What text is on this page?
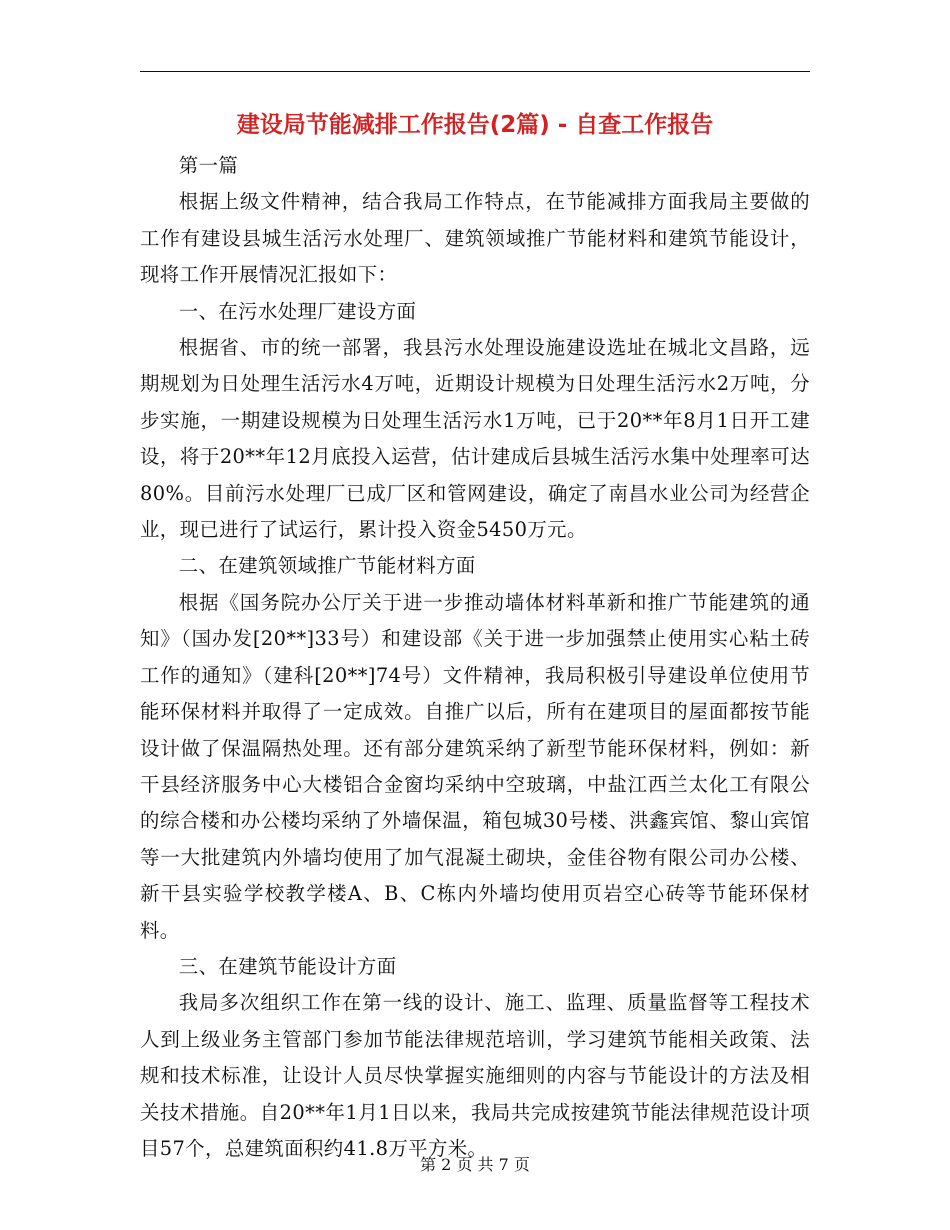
建设局节能减排工作报告(2篇) - 自查工作报告

第一篇

根据上级文件精神，结合我局工作特点，在节能减排方面我局主要做的工作有建设县城生活污水处理厂、建筑领域推广节能材料和建筑节能设计，现将工作开展情况汇报如下：

一、在污水处理厂建设方面

根据省、市的统一部署，我县污水处理设施建设选址在城北文昌路，远期规划为日处理生活污水4万吨，近期设计规模为日处理生活污水2万吨，分步实施，一期建设规模为日处理生活污水1万吨，已于20**年8月1日开工建设，将于20**年12月底投入运营，估计建成后县城生活污水集中处理率可达80%。目前污水处理厂已成厂区和管网建设，确定了南昌水业公司为经营企业，现已进行了试运行，累计投入资金5450万元。

二、在建筑领域推广节能材料方面

根据《国务院办公厅关于进一步推动墙体材料革新和推广节能建筑的通知》（国办发[20**]33号）和建设部《关于进一步加强禁止使用实心粘土砖工作的通知》（建科[20**]74号）文件精神，我局积极引导建设单位使用节能环保材料并取得了一定成效。自推广以后，所有在建项目的屋面都按节能设计做了保温隔热处理。还有部分建筑采纳了新型节能环保材料，例如：新干县经济服务中心大楼铝合金窗均采纳中空玻璃，中盐江西兰太化工有限公的综合楼和办公楼均采纳了外墙保温，箱包城30号楼、洪鑫宾馆、黎山宾馆等一大批建筑内外墙均使用了加气混凝土砌块，金佳谷物有限公司办公楼、新干县实验学校教学楼A、B、C栋内外墙均使用页岩空心砖等节能环保材料。

三、在建筑节能设计方面

我局多次组织工作在第一线的设计、施工、监理、质量监督等工程技术人到上级业务主管部门参加节能法律规范培训，学习建筑节能相关政策、法规和技术标准，让设计人员尽快掌握实施细则的内容与节能设计的方法及相关技术措施。自20**年1月1日以来，我局共完成按建筑节能法律规范设计项目57个，总建筑面积约41.8万平方米。

第 2 页 共 7 页
